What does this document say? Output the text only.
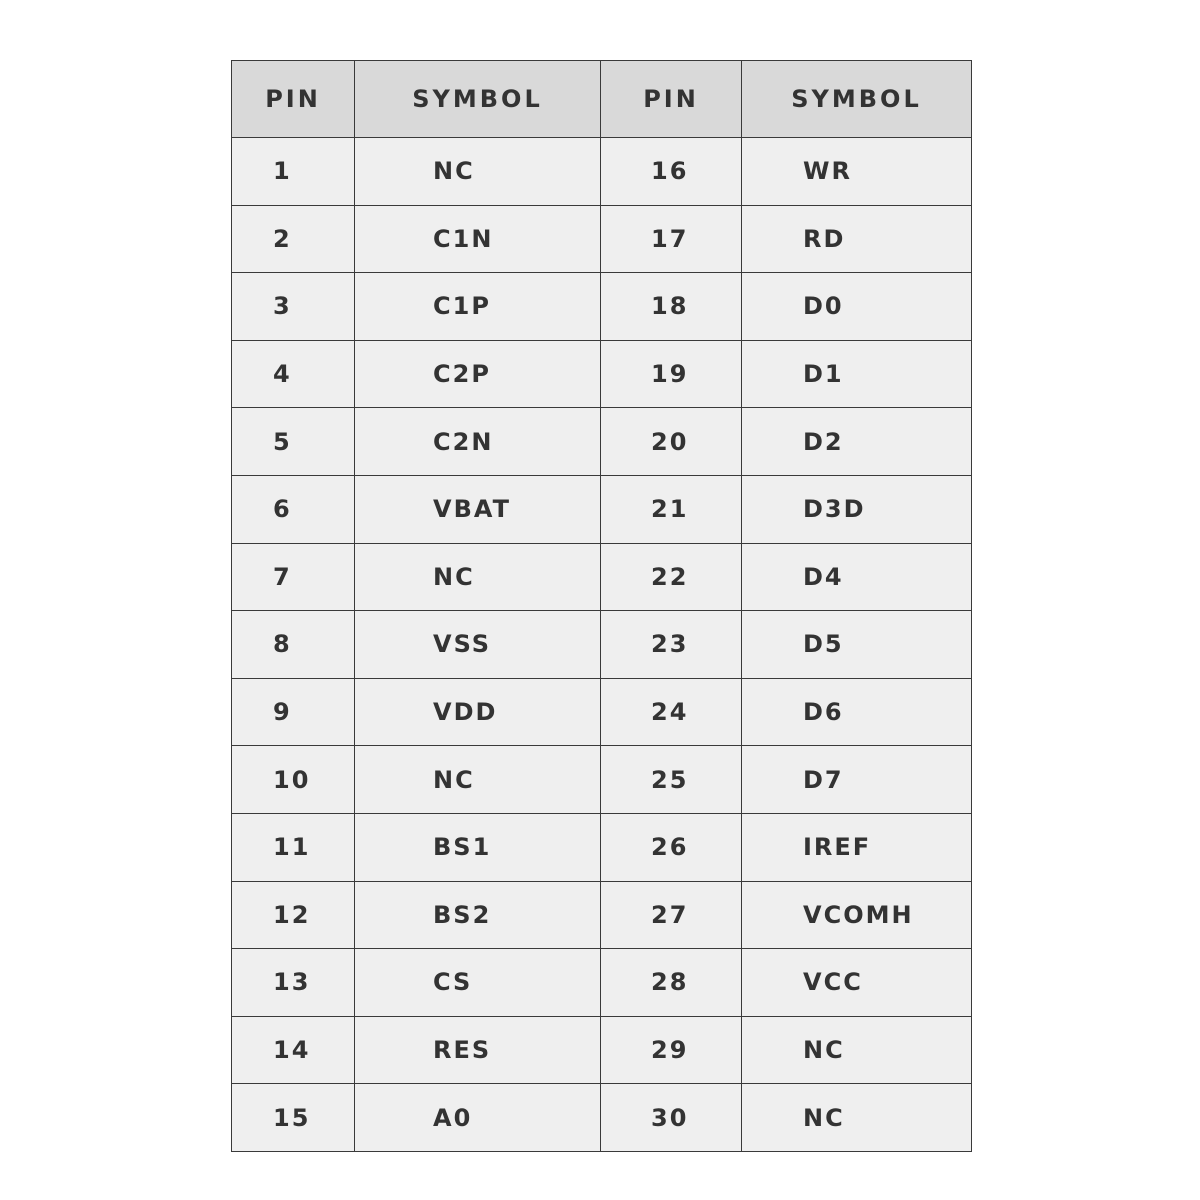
PIN	SYMBOL	PIN	SYMBOL
1	NC	16	WR
2	C1N	17	RD
3	C1P	18	D0
4	C2P	19	D1
5	C2N	20	D2
6	VBAT	21	D3D
7	NC	22	D4
8	VSS	23	D5
9	VDD	24	D6
10	NC	25	D7
11	BS1	26	IREF
12	BS2	27	VCOMH
13	CS	28	VCC
14	RES	29	NC
15	A0	30	NC
